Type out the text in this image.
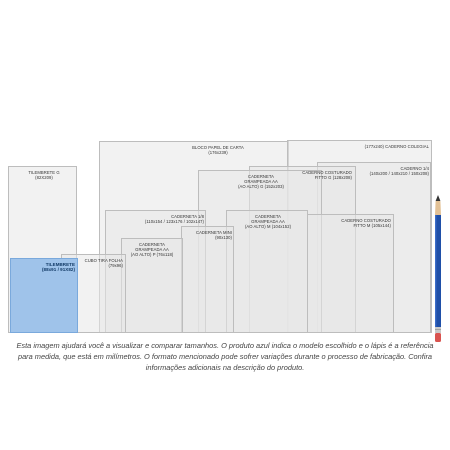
BLOCO PAPEL DE CARTA
(176x239)
(177x240) CADERNO COLEGIAL
CADERNO 1/4
(140x200 / 140x210 / 150x208)
TILEMBRETE G
(82X209)
CADERNO COSTURADO
FITTO G (128x208)
CADERNETA
GRAMPEADA AA
(AO ALTO) G (152x203)
CADERNETA 1/8
(110x154 / 123x176 / 102x147)
CADERNETA
GRAMPEADA AA
(AO ALTO) M (104x152)
CADERNO COSTURADO
FITTO M (105x144)
CADERNETA MINI
(90x130)
CADERNETA
GRAMPEADA AA
(AO ALTO) P (76x118)
CUBO TIRA FOLHA
(79x96)
TILEMBRETE
(88x91 / 91X82)
Esta imagem ajudará você a visualizar e comparar tamanhos. O produto azul indica o modelo escolhido e o lápis é a referência para medida, que está em milímetros. O formato mencionado pode sofrer variações durante o processo de fabricação. Confira informações adicionais na descrição do produto.
